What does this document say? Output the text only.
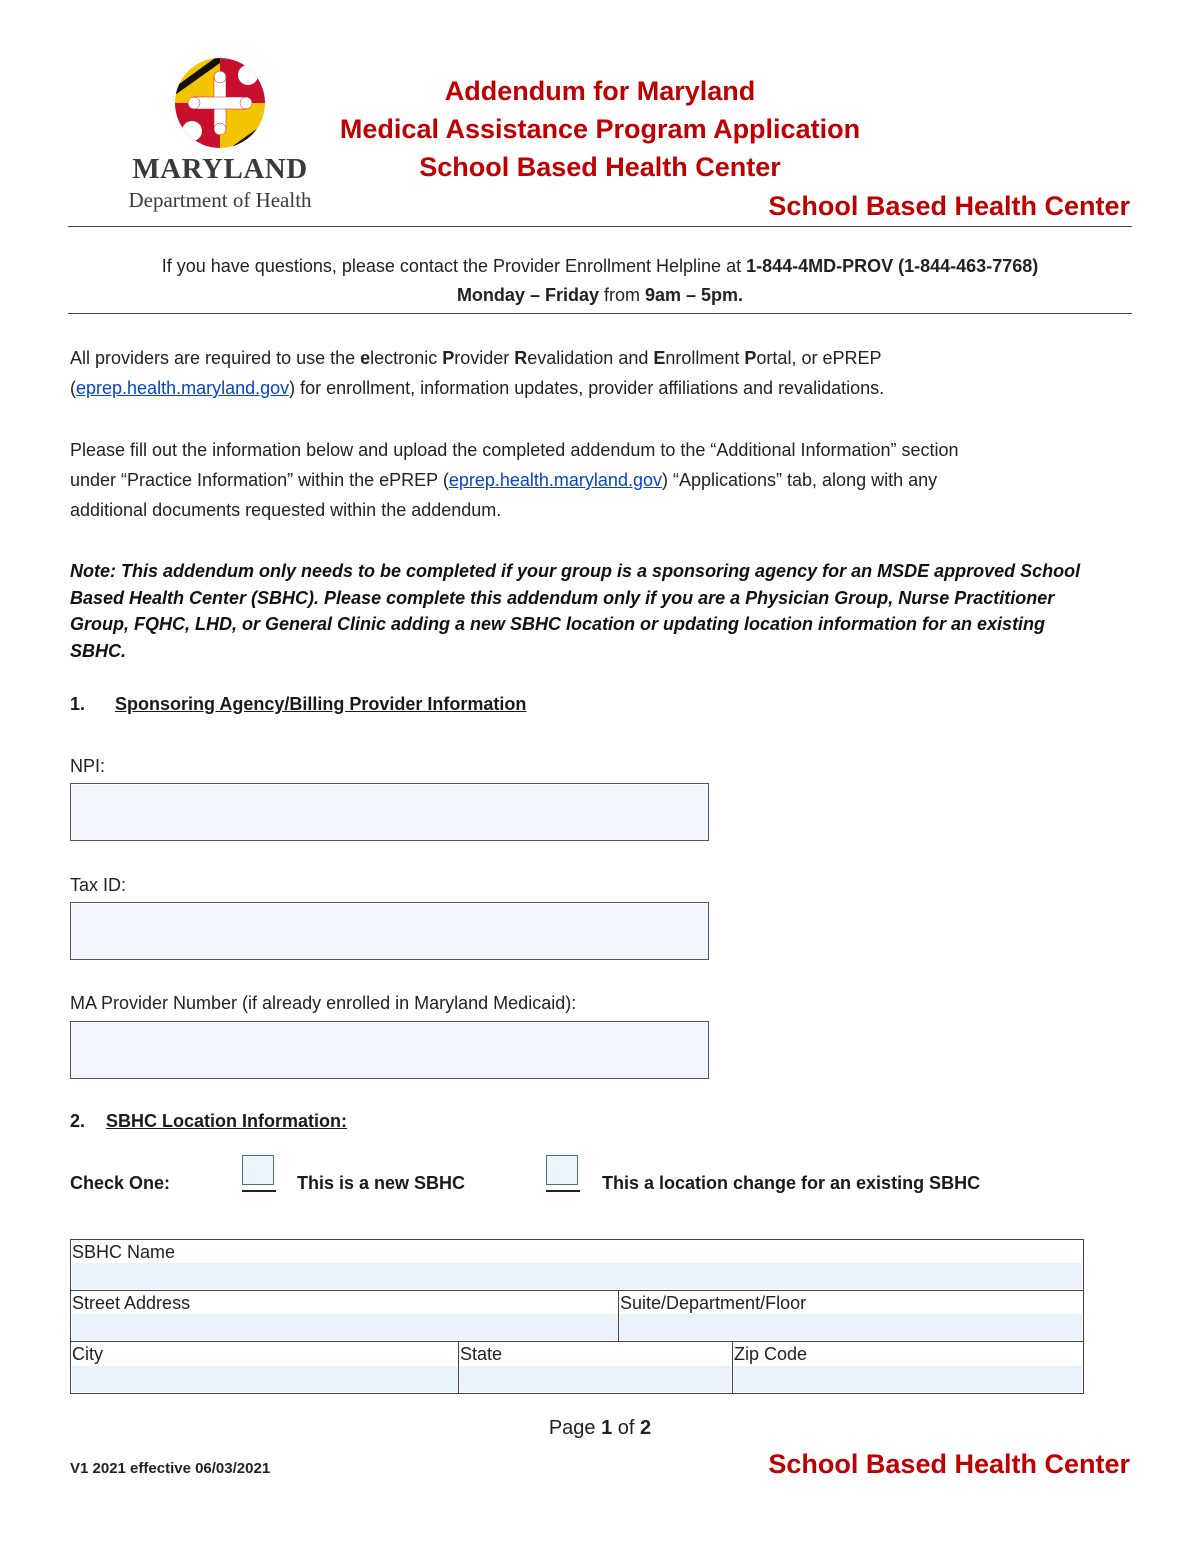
MARYLAND
Department of Health
Addendum for Maryland
Medical Assistance Program Application
School Based Health Center
School Based Health Center
If you have questions, please contact the Provider Enrollment Helpline at 1-844-4MD-PROV (1-844-463-7768)
Monday – Friday from 9am – 5pm.
All providers are required to use the electronic Provider Revalidation and Enrollment Portal, or ePREP
(eprep.health.maryland.gov) for enrollment, information updates, provider affiliations and revalidations.
Please fill out the information below and upload the completed addendum to the “Additional Information” section
under “Practice Information” within the ePREP (eprep.health.maryland.gov) “Applications” tab, along with any
additional documents requested within the addendum.
Note: This addendum only needs to be completed if your group is a sponsoring agency for an MSDE approved School
Based Health Center (SBHC). Please complete this addendum only if you are a Physician Group, Nurse Practitioner
Group, FQHC, LHD, or General Clinic adding a new SBHC location or updating location information for an existing
SBHC.
1. Sponsoring Agency/Billing Provider Information
NPI:
Tax ID:
MA Provider Number (if already enrolled in Maryland Medicaid):
2. SBHC Location Information:
Check One:	This is a new SBHC	This a location change for an existing SBHC
SBHC Name
Street Address	Suite/Department/Floor
City	State	Zip Code
Page 1 of 2
V1 2021 effective 06/03/2021	School Based Health Center
